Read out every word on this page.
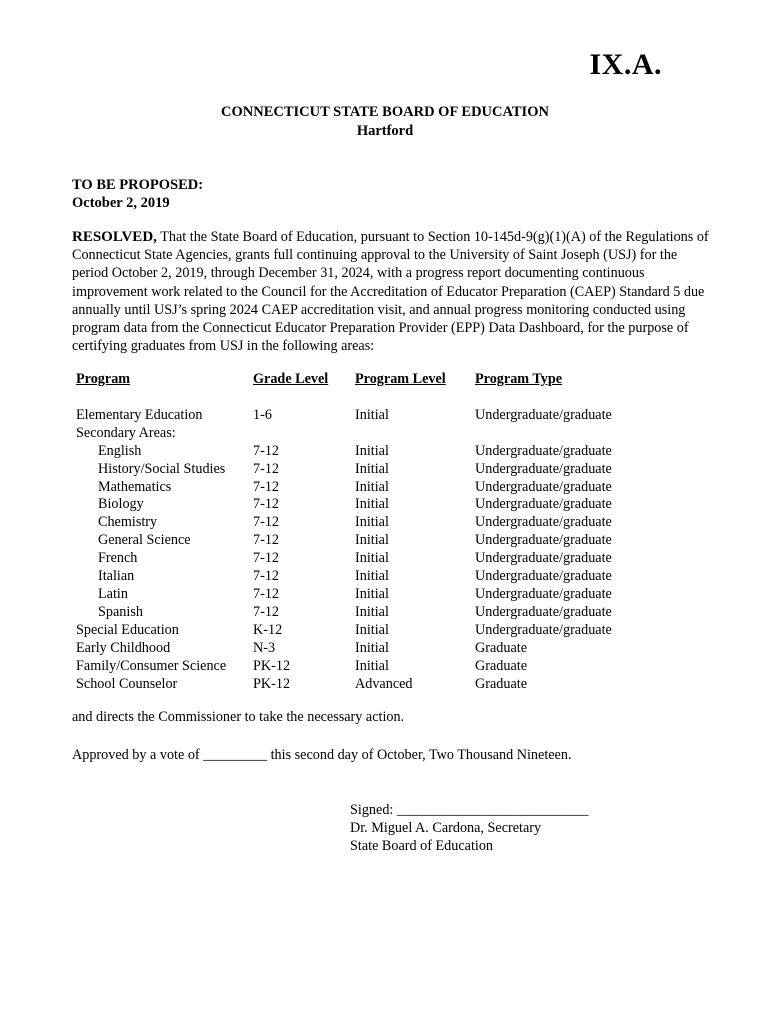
IX.A.
CONNECTICUT STATE BOARD OF EDUCATION
Hartford
TO BE PROPOSED:
October 2, 2019
RESOLVED, That the State Board of Education, pursuant to Section 10-145d-9(g)(1)(A) of the Regulations of Connecticut State Agencies, grants full continuing approval to the University of Saint Joseph (USJ) for the period October 2, 2019, through December 31, 2024, with a progress report documenting continuous improvement work related to the Council for the Accreditation of Educator Preparation (CAEP) Standard 5 due annually until USJ’s spring 2024 CAEP accreditation visit, and annual progress monitoring conducted using program data from the Connecticut Educator Preparation Provider (EPP) Data Dashboard, for the purpose of certifying graduates from USJ in the following areas:
Program	Grade Level	Program Level	Program Type
Elementary Education	1-6	Initial	Undergraduate/graduate
Secondary Areas:			
English	7-12	Initial	Undergraduate/graduate
History/Social Studies	7-12	Initial	Undergraduate/graduate
Mathematics	7-12	Initial	Undergraduate/graduate
Biology	7-12	Initial	Undergraduate/graduate
Chemistry	7-12	Initial	Undergraduate/graduate
General Science	7-12	Initial	Undergraduate/graduate
French	7-12	Initial	Undergraduate/graduate
Italian	7-12	Initial	Undergraduate/graduate
Latin	7-12	Initial	Undergraduate/graduate
Spanish	7-12	Initial	Undergraduate/graduate
Special Education	K-12	Initial	Undergraduate/graduate
Early Childhood	N-3	Initial	Graduate
Family/Consumer Science	PK-12	Initial	Graduate
School Counselor	PK-12	Advanced	Graduate
and directs the Commissioner to take the necessary action.
Approved by a vote of _________ this second day of October, Two Thousand Nineteen.
Signed: ___________________________
Dr. Miguel A. Cardona, Secretary
State Board of Education
